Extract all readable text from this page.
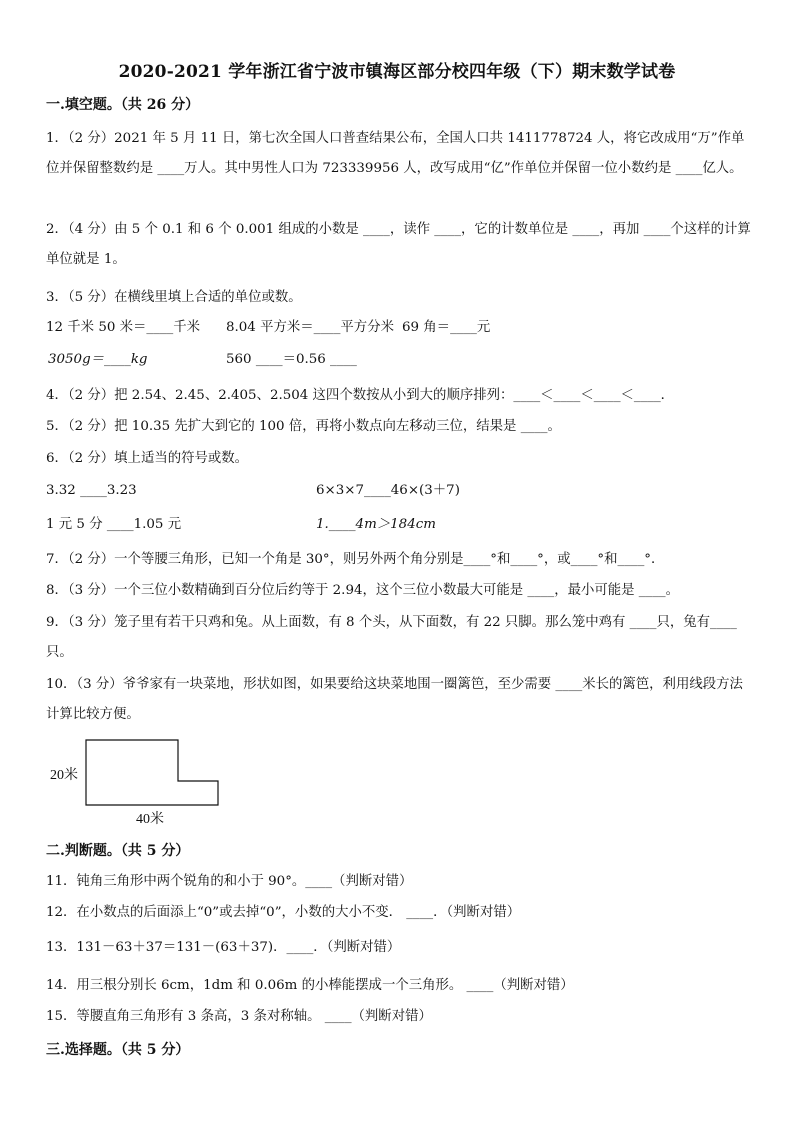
2020-2021 学年浙江省宁波市镇海区部分校四年级（下）期末数学试卷
一.填空题。（共 26 分）
1．（2 分）2021 年 5 月 11 日，第七次全国人口普查结果公布，全国人口共 1411778724 人，将它改成用“万”作单位并保留整数约是 ____万人。其中男性人口为 723339956 人，改写成用“亿”作单位并保留一位小数约是 ____亿人。
2．（4 分）由 5 个 0.1 和 6 个 0.001 组成的小数是 ____，读作 ____，它的计数单位是 ____，再加 ____个这样的计算单位就是 1。
3．（5 分）在横线里填上合适的单位或数。
12 千米 50 米＝____千米 8.04 平方米＝____平方分米 69 角＝____元
3050g＝____kg	560 ____＝0.56 ____
4．（2 分）把 2.54、2.45、2.405、2.504 这四个数按从小到大的顺序排列：____＜____＜____＜____．
5．（2 分）把 10.35 先扩大到它的 100 倍，再将小数点向左移动三位，结果是 ____。
6．（2 分）填上适当的符号或数。
3.32 ____3.23	6×3×7____46×(3＋7)
1 元 5 分 ____1.05 元	1.____4m＞184cm
7．（2 分）一个等腰三角形，已知一个角是 30°，则另外两个角分别是____°和____°，或____°和____°．
8．（3 分）一个三位小数精确到百分位后约等于 2.94，这个三位小数最大可能是 ____，最小可能是 ____。
9．（3 分）笼子里有若干只鸡和兔。从上面数，有 8 个头，从下面数，有 22 只脚。那么笼中鸡有 ____只，兔有____只。
10．（3 分）爷爷家有一块菜地，形状如图，如果要给这块菜地围一圈篱笆，至少需要 ____米长的篱笆，利用线段方法计算比较方便。
20米
40米
二.判断题。（共 5 分）
11．钝角三角形中两个锐角的和小于 90°。____（判断对错）
12．在小数点的后面添上“0”或去掉“0”，小数的大小不变． ____．（判断对错）
13．131－63＋37＝131－(63＋37)．____．（判断对错）
14．用三根分别长 6cm，1dm 和 0.06m 的小棒能摆成一个三角形。 ____（判断对错）
15．等腰直角三角形有 3 条高，3 条对称轴。 ____（判断对错）
三.选择题。（共 5 分）
